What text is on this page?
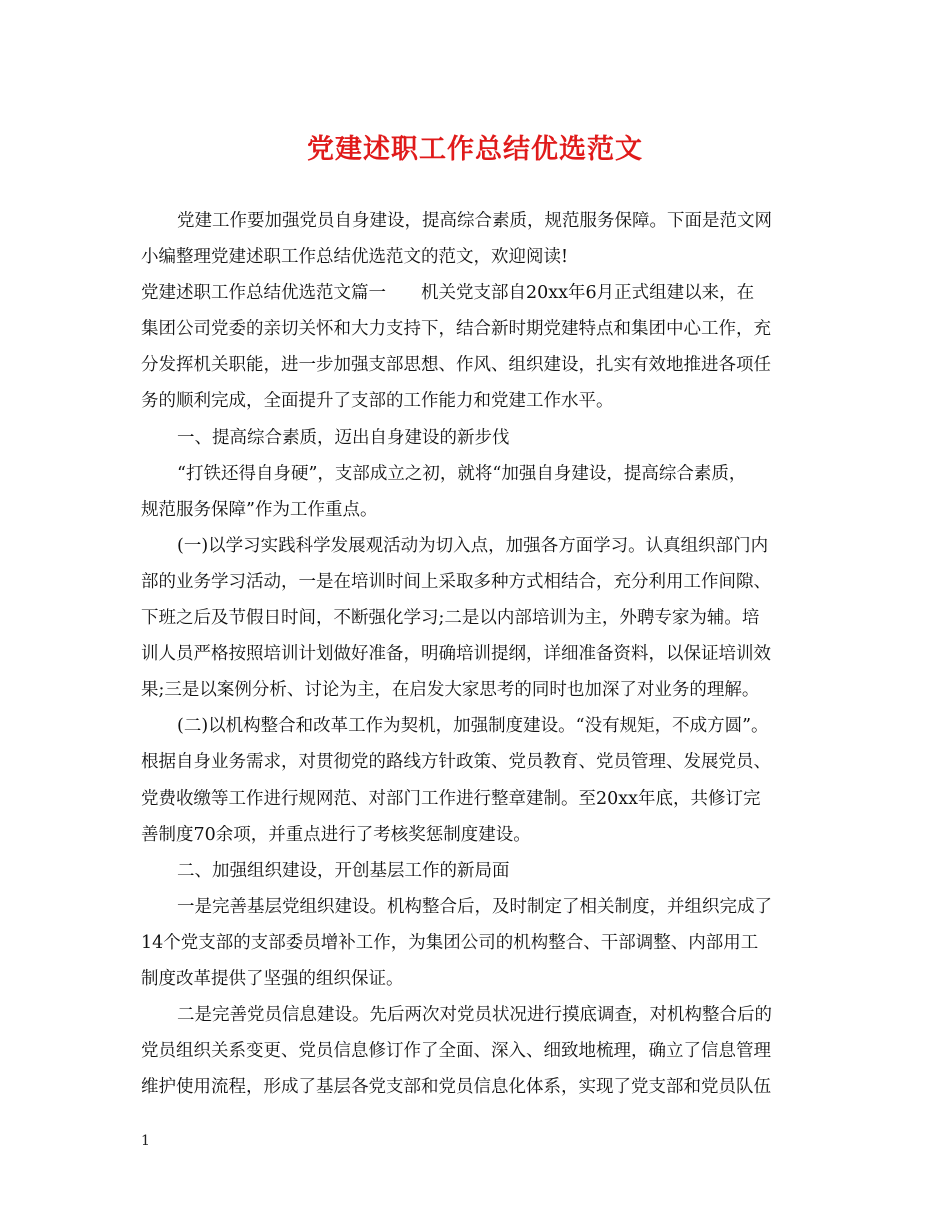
党建述职工作总结优选范文
党建工作要加强党员自身建设，提高综合素质，规范服务保障。下面是范文网
小编整理党建述职工作总结优选范文的范文，欢迎阅读!
党建述职工作总结优选范文篇一　　机关党支部自20xx年6月正式组建以来，在
集团公司党委的亲切关怀和大力支持下，结合新时期党建特点和集团中心工作，充
分发挥机关职能，进一步加强支部思想、作风、组织建设，扎实有效地推进各项任
务的顺利完成，全面提升了支部的工作能力和党建工作水平。
一、提高综合素质，迈出自身建设的新步伐
“打铁还得自身硬”，支部成立之初，就将“加强自身建设，提高综合素质，
规范服务保障”作为工作重点。
(一)以学习实践科学发展观活动为切入点，加强各方面学习。认真组织部门内
部的业务学习活动，一是在培训时间上采取多种方式相结合，充分利用工作间隙、
下班之后及节假日时间，不断强化学习;二是以内部培训为主，外聘专家为辅。培
训人员严格按照培训计划做好准备，明确培训提纲，详细准备资料，以保证培训效
果;三是以案例分析、讨论为主，在启发大家思考的同时也加深了对业务的理解。
(二)以机构整合和改革工作为契机，加强制度建设。“没有规矩，不成方圆”。
根据自身业务需求，对贯彻党的路线方针政策、党员教育、党员管理、发展党员、
党费收缴等工作进行规网范、对部门工作进行整章建制。至20xx年底，共修订完
善制度70余项，并重点进行了考核奖惩制度建设。
二、加强组织建设，开创基层工作的新局面
一是完善基层党组织建设。机构整合后，及时制定了相关制度，并组织完成了
14个党支部的支部委员增补工作，为集团公司的机构整合、干部调整、内部用工
制度改革提供了坚强的组织保证。
二是完善党员信息建设。先后两次对党员状况进行摸底调查，对机构整合后的
党员组织关系变更、党员信息修订作了全面、深入、细致地梳理，确立了信息管理
维护使用流程，形成了基层各党支部和党员信息化体系，实现了党支部和党员队伍
1
